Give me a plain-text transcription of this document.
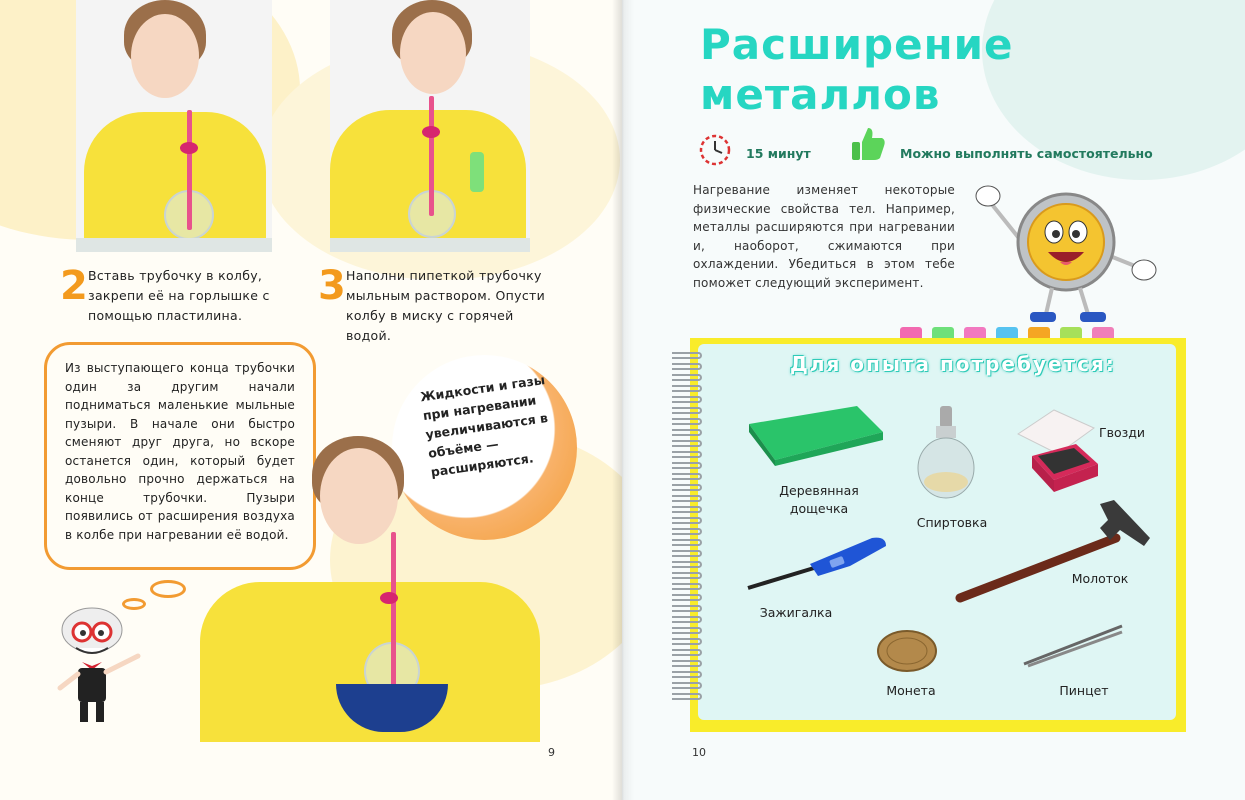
2 Вставь трубочку в колбу, закрепи её на горлышке с помощью пластилина.
3 Наполни пипеткой трубочку мыльным раствором. Опусти колбу в миску с горячей водой.

Из выступающего конца трубочки один за другим начали подниматься маленькие мыльные пузыри. В начале они быстро сменяют друг друга, но вскоре останется один, который будет довольно прочно держаться на конце трубочки. Пузыри появились от расширения воздуха в колбе при нагревании её водой.

Жидкости и газы при нагревании увеличиваются в объёме — расширяются.
9
Расширение
металлов
15 минут	Можно выполнять самостоятельно
Нагревание изменяет некоторые физические свойства тел. Например, металлы расширяются при нагревании и, наоборот, сжимаются при охлаждении. Убедиться в этом тебе поможет следующий эксперимент.
Для опыта потребуется:
Деревянная дощечка
Спиртовка
Гвозди
Зажигалка
Молоток
Монета	Пинцет
10
